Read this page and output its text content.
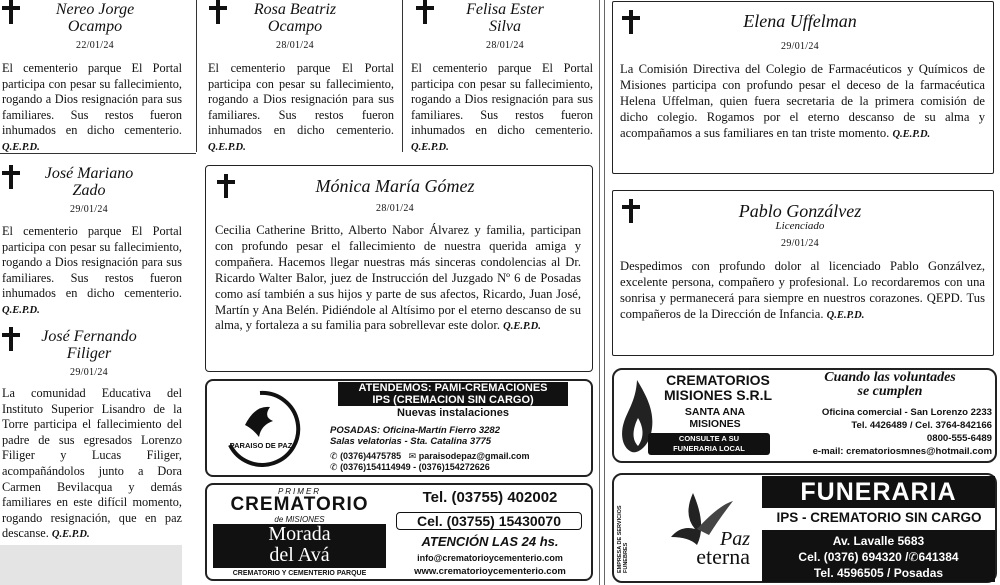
Nereo Jorge
Ocampo
22/01/24
El cementerio parque El Portal participa con pesar su fallecimiento, rogando a Dios resignación para sus familiares. Sus restos fueron inhumados en dicho cementerio. Q.E.P.D.
José Mariano
Zado
29/01/24
El cementerio parque El Portal participa con pesar su fallecimiento, rogando a Dios resignación para sus familiares. Sus restos fueron inhumados en dicho cementerio. Q.E.P.D.
José Fernando
Filiger
29/01/24
La comunidad Educativa del Instituto Superior Lisandro de la Torre participa el fallecimiento del padre de sus egresados Lorenzo Filiger y Lucas Filiger, acompañándolos junto a Dora Carmen Bevilacqua y demás familiares en este difícil momento, rogando resignación, que en paz descanse. Q.E.P.D.
Rosa Beatriz
Ocampo
28/01/24
El cementerio parque El Portal participa con pesar su fallecimiento, rogando a Dios resignación para sus familiares. Sus restos fueron inhumados en dicho cementerio. Q.E.P.D.
Felisa Ester
Silva
28/01/24
El cementerio parque El Portal participa con pesar su fallecimiento, rogando a Dios resignación para sus familiares. Sus restos fueron inhumados en dicho cementerio. Q.E.P.D.
Mónica María Gómez
28/01/24
Cecilia Catherine Britto, Alberto Nabor Álvarez y familia, participan con profundo pesar el fallecimiento de nuestra querida amiga y compañera. Hacemos llegar nuestras más sinceras condolencias al Dr. Ricardo Walter Balor, juez de Instrucción del Juzgado Nº 6 de Posadas como así también a sus hijos y parte de sus afectos, Ricardo, Juan José, Martín y Ana Belén. Pidiéndole al Altísimo por el eterno descanso de su alma, y fortaleza a su familia para sobrellevar este dolor. Q.E.P.D.
PARAISO DE PAZ
ATENDEMOS: PAMI-CREMACIONES
IPS (CREMACION SIN CARGO)
Nuevas instalaciones
POSADAS: Oficina-Martín Fierro 3282
Salas velatorias - Sta. Catalina 3775
✆ (0376)4475785 ✉ paraisodepaz@gmail.com
✆ (0376)154114949 - (0376)154272626
PRIMER
CREMATORIO
de MISIONES
Morada
del Avá
CREMATORIO Y CEMENTERIO PARQUE
Tel. (03755) 402002
Cel. (03755) 15430070
ATENCIÓN LAS 24 hs.
info@crematorioycementerio.com
www.crematorioycementerio.com
Elena Uffelman
29/01/24
La Comisión Directiva del Colegio de Farmacéuticos y Químicos de Misiones participa con profundo pesar el deceso de la farmacéutica Helena Uffelman, quien fuera secretaria de la primera comisión de dicho colegio. Rogamos por el eterno descanso de su alma y acompañamos a sus familiares en tan triste momento. Q.E.P.D.
Pablo Gonzálvez
Licenciado
29/01/24
Despedimos con profundo dolor al licenciado Pablo Gonzálvez, excelente persona, compañero y profesional. Lo recordaremos con una sonrisa y permanecerá para siempre en nuestros corazones. QEPD. Tus compañeros de la Dirección de Infancia. Q.E.P.D.
CREMATORIOS
MISIONES S.R.L
SANTA ANA
MISIONES
CONSULTE A SU
FUNERARIA LOCAL
Cuando las voluntades
se cumplen
Oficina comercial - San Lorenzo 2233
Tel. 4426489 / Cel. 3764-842166
0800-555-6489
e-mail: crematoriosmnes@hotmail.com
EMPRESA DE SERVICIOS FUNEBRES
Paz
eterna
FUNERARIA
IPS - CREMATORIO SIN CARGO
Av. Lavalle 5683
Cel. (0376) 694320 /✆641384
Tel. 4596505 / Posadas
